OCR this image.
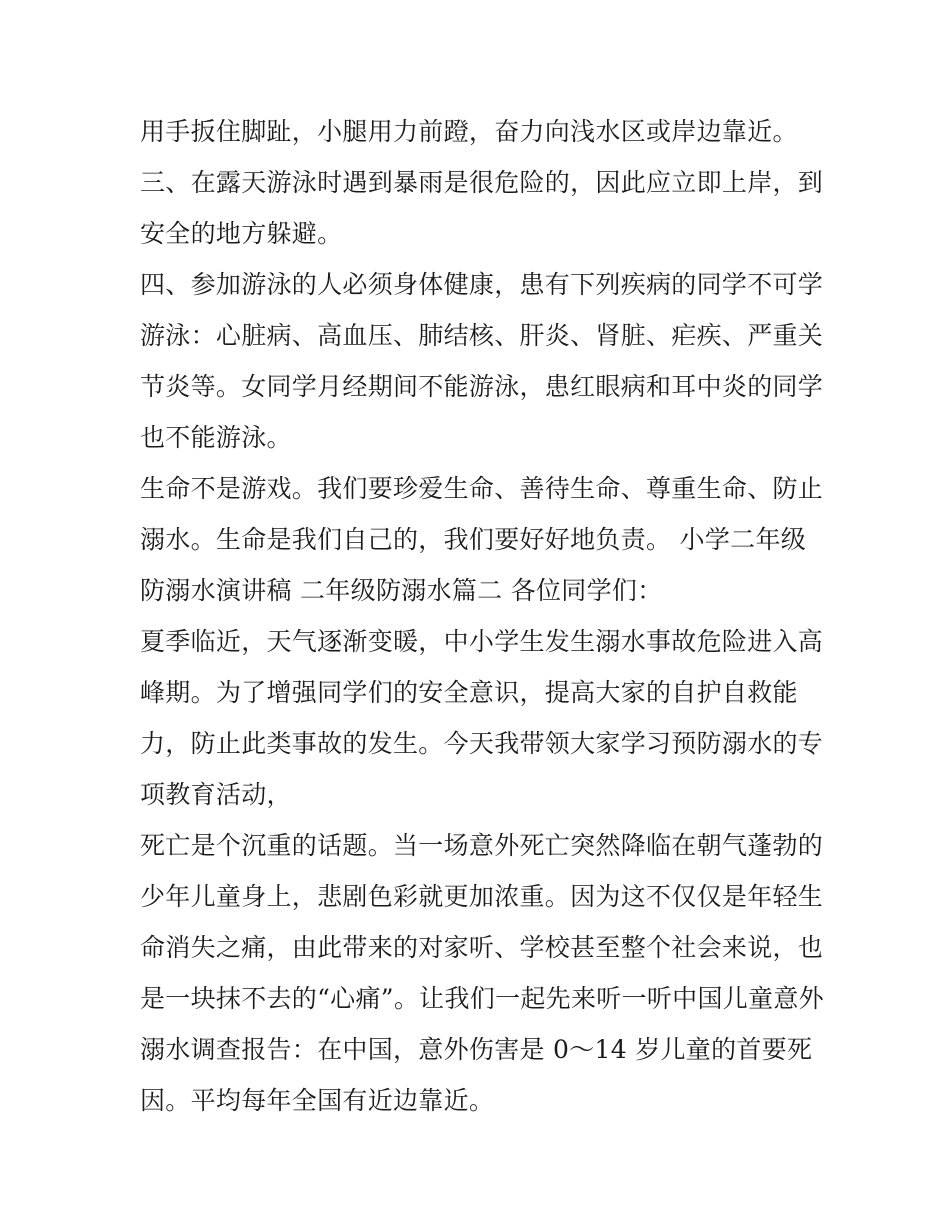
用手扳住脚趾，小腿用力前蹬，奋力向浅水区或岸边靠近。
三、在露天游泳时遇到暴雨是很危险的，因此应立即上岸，到
安全的地方躲避。
四、参加游泳的人必须身体健康，患有下列疾病的同学不可学
游泳：心脏病、高血压、肺结核、肝炎、肾脏、疟疾、严重关
节炎等。女同学月经期间不能游泳，患红眼病和耳中炎的同学
也不能游泳。
生命不是游戏。我们要珍爱生命、善待生命、尊重生命、防止
溺水。生命是我们自己的，我们要好好地负责。 小学二年级
防溺水演讲稿 二年级防溺水篇二 各位同学们：
夏季临近，天气逐渐变暖，中小学生发生溺水事故危险进入高
峰期。为了增强同学们的安全意识，提高大家的自护自救能
力，防止此类事故的发生。今天我带领大家学习预防溺水的专
项教育活动，
死亡是个沉重的话题。当一场意外死亡突然降临在朝气蓬勃的
少年儿童身上，悲剧色彩就更加浓重。因为这不仅仅是年轻生
命消失之痛，由此带来的对家听、学校甚至整个社会来说，也
是一块抹不去的“心痛”。让我们一起先来听一听中国儿童意外
溺水调查报告：在中国，意外伤害是 0～14 岁儿童的首要死
因。平均每年全国有近边靠近。
